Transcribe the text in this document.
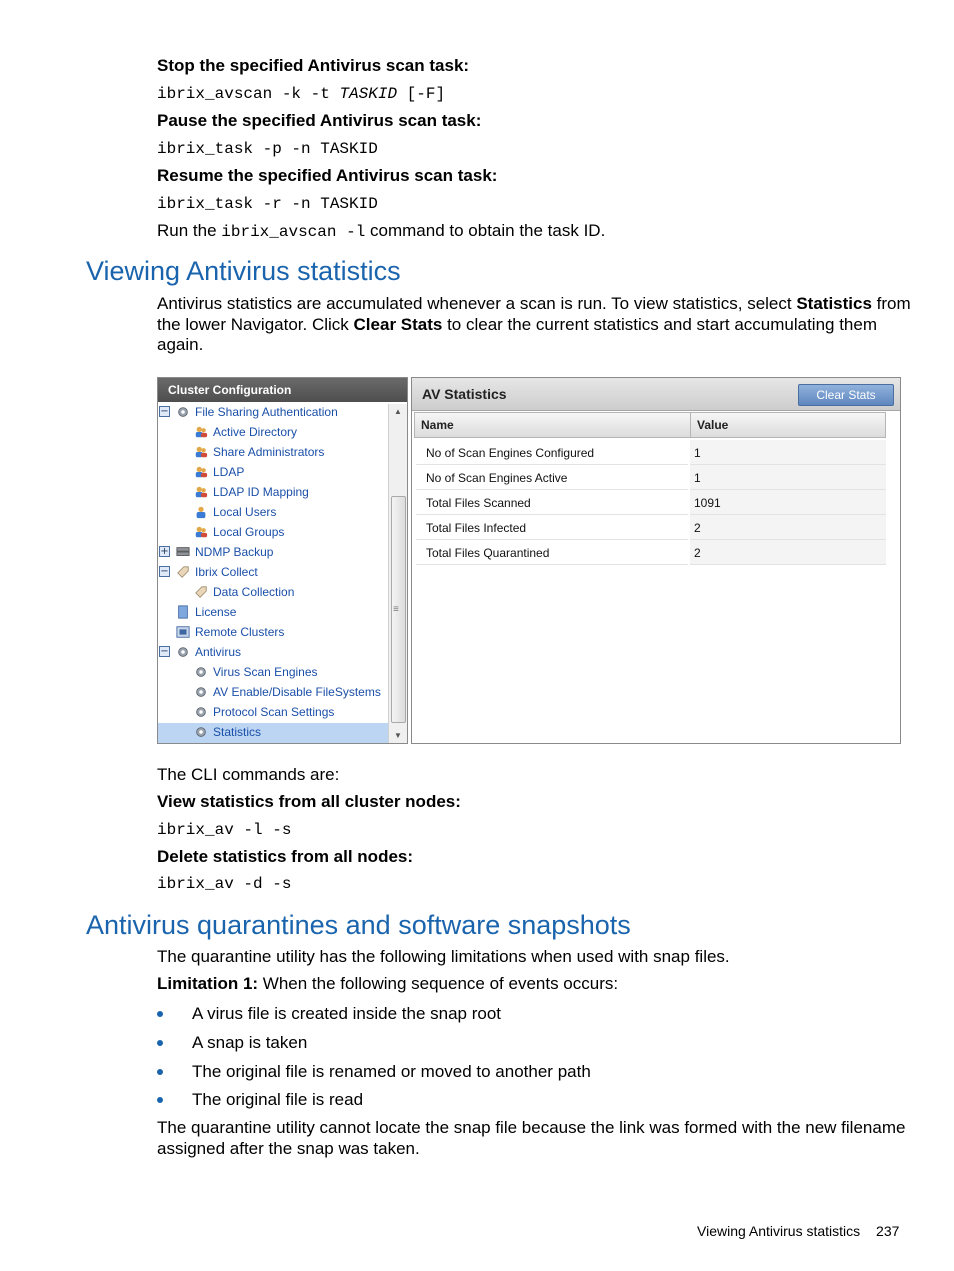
Stop the specified Antivirus scan task:
ibrix_avscan -k -t TASKID [-F]
Pause the specified Antivirus scan task:
ibrix_task -p -n TASKID
Resume the specified Antivirus scan task:
ibrix_task -r -n TASKID
Run the ibrix_avscan -l command to obtain the task ID.
Viewing Antivirus statistics
Antivirus statistics are accumulated whenever a scan is run. To view statistics, select Statistics from
the lower Navigator. Click Clear Stats to clear the current statistics and start accumulating them
again.
Cluster Configuration
−	File Sharing Authentication
Active Directory
Share Administrators
LDAP
LDAP ID Mapping
Local Users
Local Groups
+	NDMP Backup
−	Ibrix Collect
Data Collection
License
Remote Clusters
−	Antivirus
Virus Scan Engines
AV Enable/Disable FileSystems
Protocol Scan Settings
Statistics
▲
≡
▼
AV Statistics	Clear Stats
Name	Value
No of Scan Engines Configured	1
No of Scan Engines Active	1
Total Files Scanned	1091
Total Files Infected	2
Total Files Quarantined	2
The CLI commands are:
View statistics from all cluster nodes:
ibrix_av -l -s
Delete statistics from all nodes:
ibrix_av -d -s
Antivirus quarantines and software snapshots
The quarantine utility has the following limitations when used with snap files.
Limitation 1: When the following sequence of events occurs:
A virus file is created inside the snap root
A snap is taken
The original file is renamed or moved to another path
The original file is read
The quarantine utility cannot locate the snap file because the link was formed with the new filename
assigned after the snap was taken.
Viewing Antivirus statistics 237
